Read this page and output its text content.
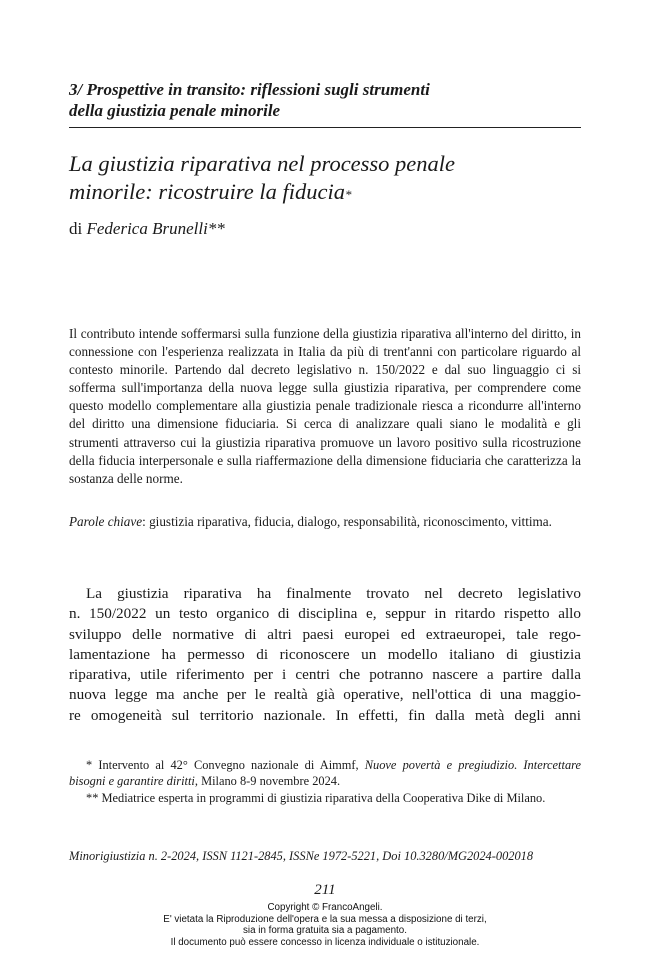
3/ Prospettive in transito: riflessioni sugli strumenti
della giustizia penale minorile
La giustizia riparativa nel processo penale
minorile: ricostruire la fiducia*
di Federica Brunelli**

Il contributo intende soffermarsi sulla funzione della giustizia riparativa all'interno del diritto, in connessione con l'esperienza realizzata in Italia da più di trent'anni con particolare riguardo al contesto minorile. Partendo dal decreto legislativo n. 150/2022 e dal suo linguaggio ci si sofferma sull'importanza della nuova legge sulla giustizia riparativa, per comprendere come questo modello complementare alla giustizia penale tradizionale riesca a ricondurre all'interno del diritto una dimensione fiduciaria. Si cerca di analizzare quali siano le modalità e gli strumenti attraverso cui la giustizia riparativa promuove un lavoro positivo sulla ricostruzione della fiducia interpersonale e sulla riaffermazione della dimensione fiduciaria che caratterizza la sostanza delle norme.

Parole chiave: giustizia riparativa, fiducia, dialogo, responsabilità, riconoscimento, vittima.
La giustizia riparativa ha finalmente trovato nel decreto legislativo
n. 150/2022 un testo organico di disciplina e, seppur in ritardo rispetto allo
sviluppo delle normative di altri paesi europei ed extraeuropei, tale rego-
lamentazione ha permesso di riconoscere un modello italiano di giustizia
riparativa, utile riferimento per i centri che potranno nascere a partire dalla
nuova legge ma anche per le realtà già operative, nell'ottica di una maggio-
re omogeneità sul territorio nazionale. In effetti, fin dalla metà degli anni
* Intervento al 42° Convegno nazionale di Aimmf, Nuove povertà e pregiudizio. Intercettare bisogni e garantire diritti, Milano 8-9 novembre 2024.
** Mediatrice esperta in programmi di giustizia riparativa della Cooperativa Dike di Milano.
Minorigiustizia n. 2-2024, ISSN 1121-2845, ISSNe 1972-5221, Doi 10.3280/MG2024-002018
211
Copyright © FrancoAngeli.
E' vietata la Riproduzione dell'opera e la sua messa a disposizione di terzi,
sia in forma gratuita sia a pagamento.
Il documento può essere concesso in licenza individuale o istituzionale.
